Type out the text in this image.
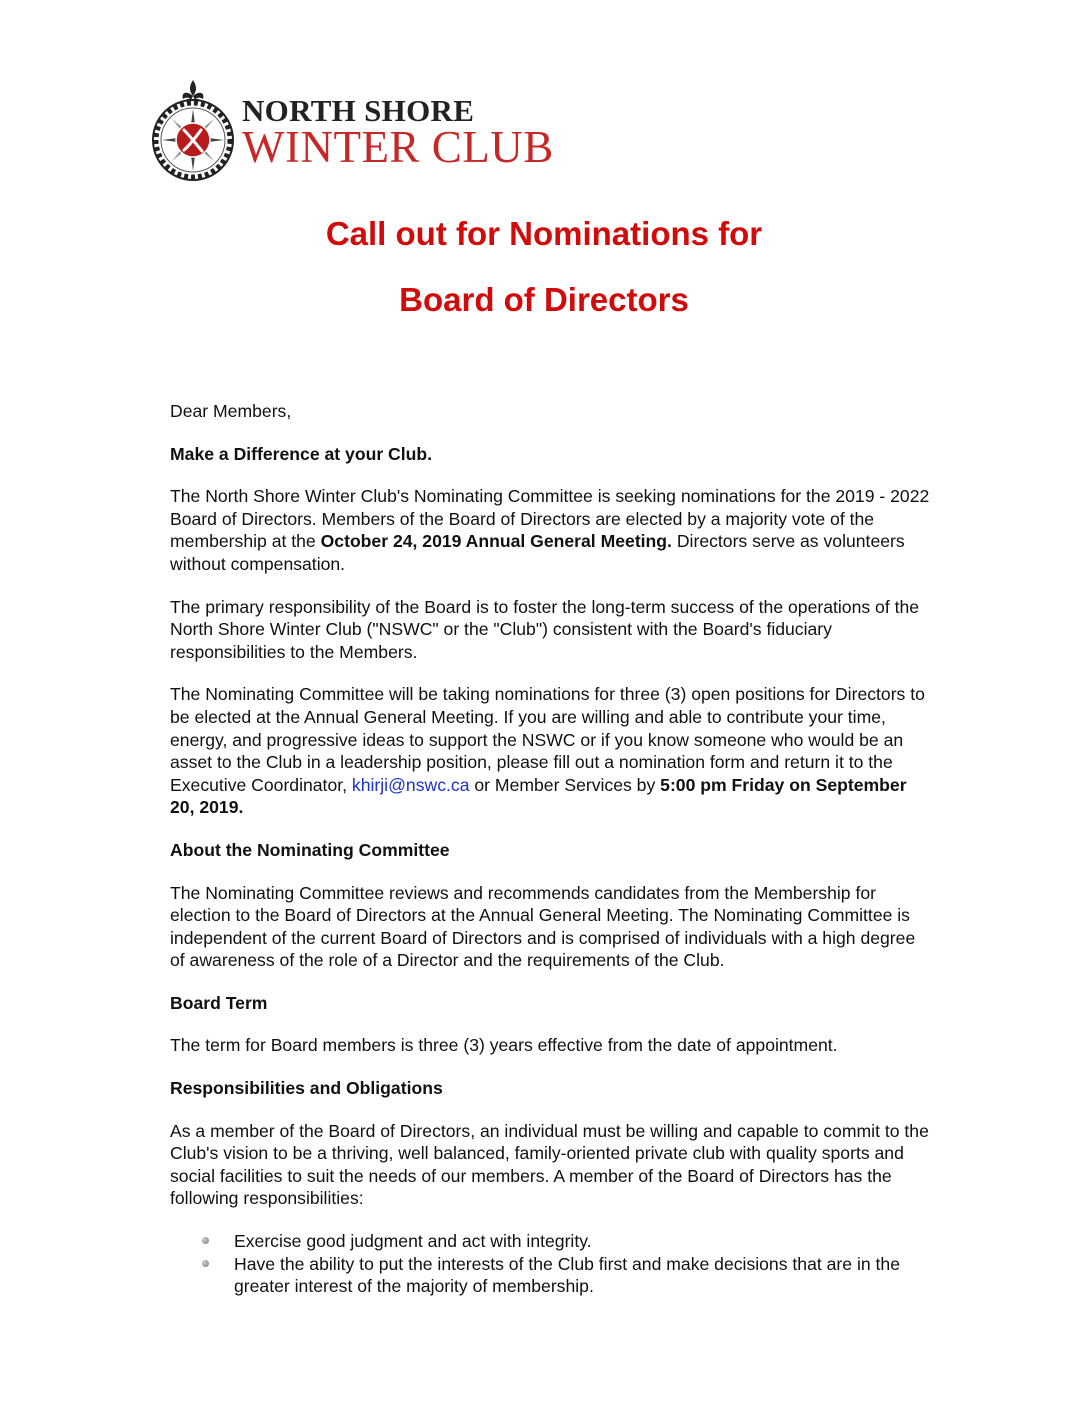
NORTH SHORE
WINTER CLUB
Call out for Nominations for
Board of Directors

Dear Members,

Make a Difference at your Club.

The North Shore Winter Club's Nominating Committee is seeking nominations for the 2019 - 2022 Board of Directors. Members of the Board of Directors are elected by a majority vote of the membership at the October 24, 2019 Annual General Meeting. Directors serve as volunteers without compensation.

The primary responsibility of the Board is to foster the long-term success of the operations of the North Shore Winter Club ("NSWC" or the "Club") consistent with the Board's fiduciary responsibilities to the Members.

The Nominating Committee will be taking nominations for three (3) open positions for Directors to be elected at the Annual General Meeting. If you are willing and able to contribute your time, energy, and progressive ideas to support the NSWC or if you know someone who would be an asset to the Club in a leadership position, please fill out a nomination form and return it to the Executive Coordinator, khirji@nswc.ca or Member Services by 5:00 pm Friday on September 20, 2019.

About the Nominating Committee

The Nominating Committee reviews and recommends candidates from the Membership for election to the Board of Directors at the Annual General Meeting. The Nominating Committee is independent of the current Board of Directors and is comprised of individuals with a high degree of awareness of the role of a Director and the requirements of the Club.

Board Term

The term for Board members is three (3) years effective from the date of appointment.

Responsibilities and Obligations

As a member of the Board of Directors, an individual must be willing and capable to commit to the Club's vision to be a thriving, well balanced, family-oriented private club with quality sports and social facilities to suit the needs of our members. A member of the Board of Directors has the following responsibilities:

Exercise good judgment and act with integrity.
Have the ability to put the interests of the Club first and make decisions that are in the greater interest of the majority of membership.
